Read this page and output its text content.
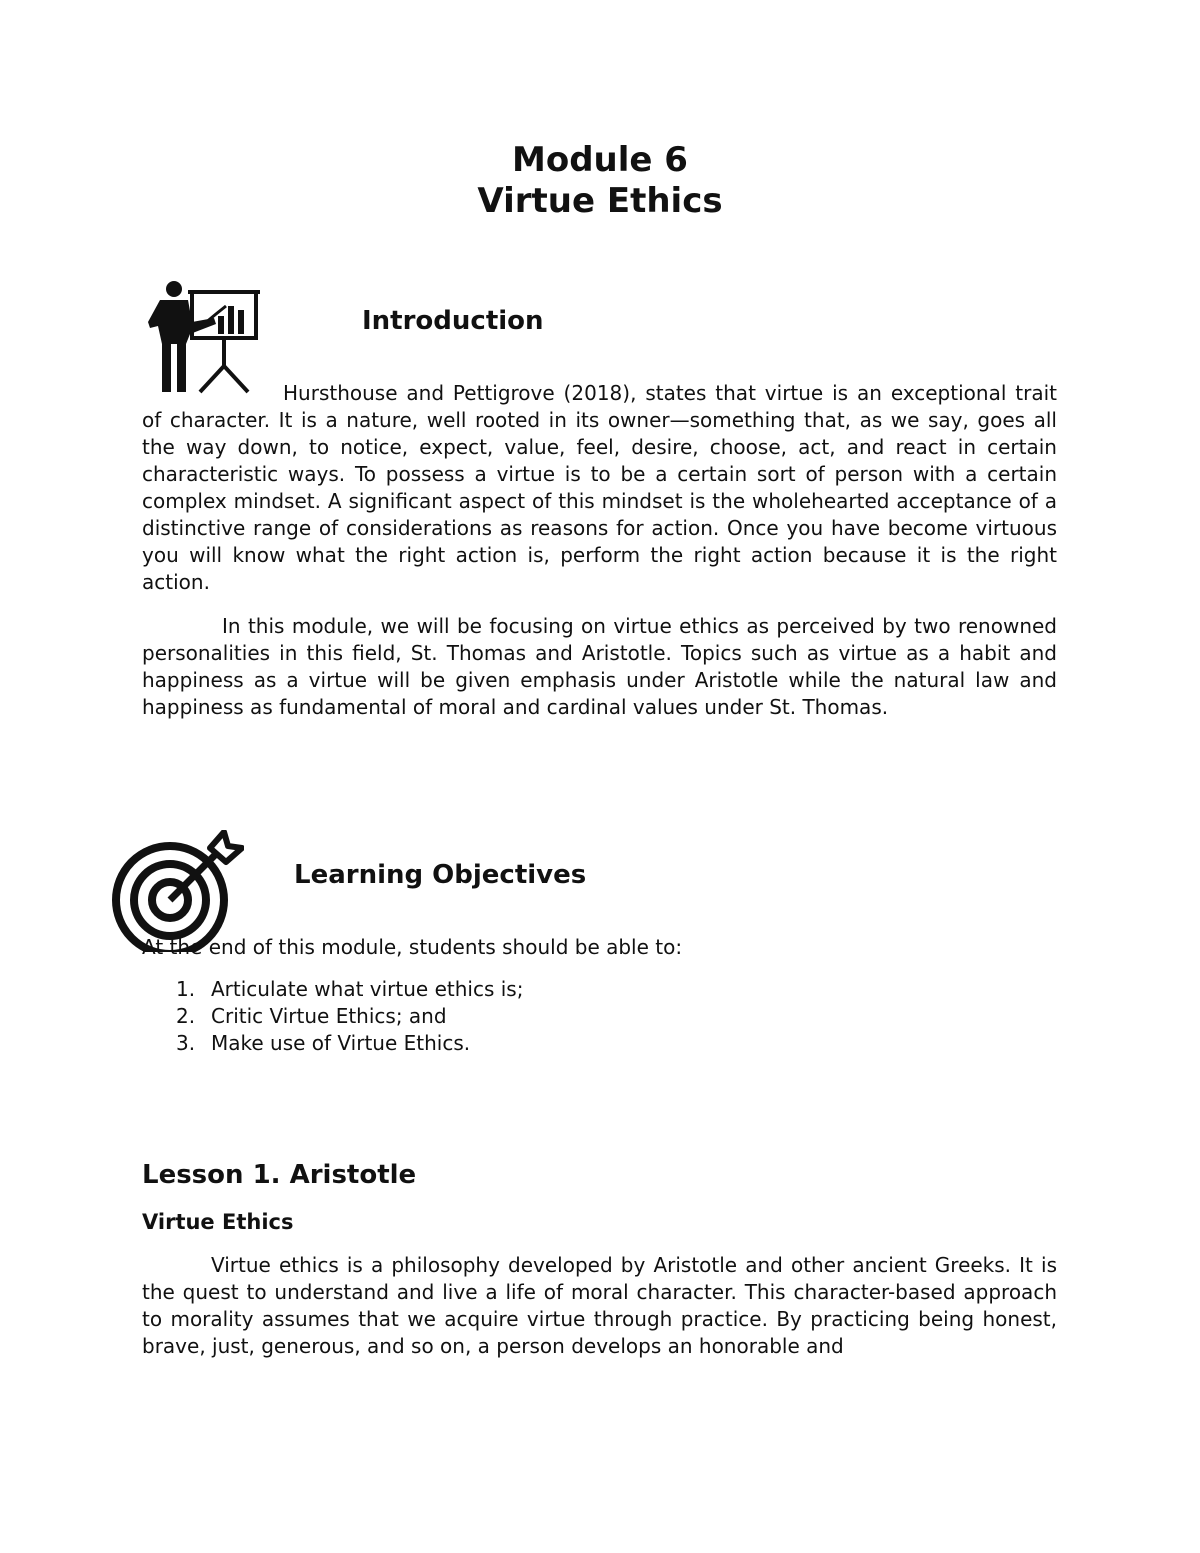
Module 6
Virtue Ethics
Introduction

Hursthouse and Pettigrove (2018), states that virtue is an exceptional trait of character. It is a nature, well rooted in its owner—something that, as we say, goes all the way down, to notice, expect, value, feel, desire, choose, act, and react in certain characteristic ways. To possess a virtue is to be a certain sort of person with a certain complex mindset. A significant aspect of this mindset is the wholehearted acceptance of a distinctive range of considerations as reasons for action. Once you have become virtuous you will know what the right action is, perform the right action because it is the right action.

In this module, we will be focusing on virtue ethics as perceived by two renowned personalities in this field, St. Thomas and Aristotle. Topics such as virtue as a habit and happiness as a virtue will be given emphasis under Aristotle while the natural law and happiness as fundamental of moral and cardinal values under St. Thomas.

Learning Objectives
At the end of this module, students should be able to:
1. Articulate what virtue ethics is;
2. Critic Virtue Ethics; and
3. Make use of Virtue Ethics.
Lesson 1. Aristotle
Virtue Ethics

Virtue ethics is a philosophy developed by Aristotle and other ancient Greeks. It is the quest to understand and live a life of moral character. This character-based approach to morality assumes that we acquire virtue through practice. By practicing being honest, brave, just, generous, and so on, a person develops an honorable and
